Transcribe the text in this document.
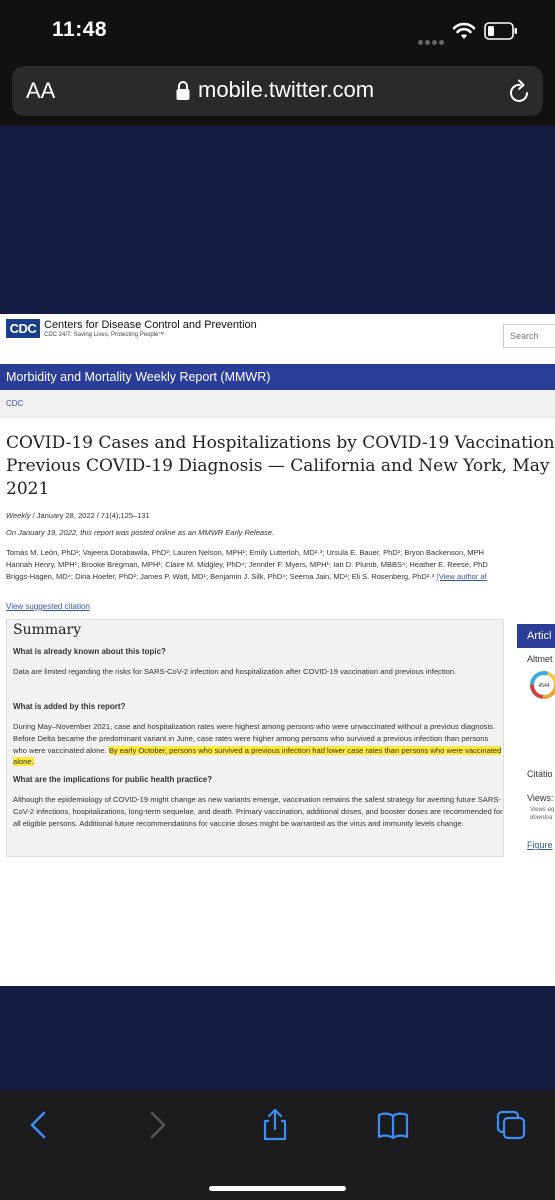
11:48
AA	mobile.twitter.com
CDC Centers for Disease Control and Prevention
CDC 24/7: Saving Lives, Protecting People™	Search
Morbidity and Mortality Weekly Report (MMWR)
CDC
COVID-19 Cases and Hospitalizations by COVID-19 Vaccination
Previous COVID-19 Diagnosis — California and New York, May
2021
Weekly / January 28, 2022 / 71(4);125–131
On January 19, 2022, this report was posted online as an MMWR Early Release.
Tomás M. León, PhD¹; Vajeera Dorabawila, PhD²; Lauren Nelson, MPH¹; Emily Lutterloh, MD²·³; Ursula E. Bauer, PhD²; Bryon Backenson, MPH
Hannah Henry, MPH¹; Brooke Bregman, MPH¹; Claire M. Midgley, PhD⁴; Jennifer F. Myers, MPH¹; Ian D. Plumb, MBBS⁴; Heather E. Reese, PhD
Briggs-Hagen, MD⁴; Dina Hoefer, PhD²; James P. Watt, MD¹; Benjamin J. Silk, PhD⁴; Seema Jain, MD¹; Eli S. Rosenberg, PhD²·³ (View author af
View suggested citation
Summary
What is already known about this topic?
Data are limited regarding the risks for SARS-CoV-2 infection and hospitalization after COVID-19 vaccination and previous infection.
What is added by this report?
During May–November 2021, case and hospitalization rates were highest among persons who were unvaccinated without a previous diagnosis. Before Delta became the predominant variant in June, case rates were higher among persons who survived a previous infection than persons who were vaccinated alone. By early October, persons who survived a previous infection had lower case rates than persons who were vaccinated alone.
What are the implications for public health practice?
Although the epidemiology of COVID-19 might change as new variants emerge, vaccination remains the safest strategy for averting future SARS-CoV-2 infections, hospitalizations, long-term sequelae, and death. Primary vaccination, additional doses, and booster doses are recommended for all eligible persons. Additional future recommendations for vaccine doses might be warranted as the virus and immunity levels change.
Articl
Altmet
4544
Citatio
Views:
Views eq
downloa
Figure
